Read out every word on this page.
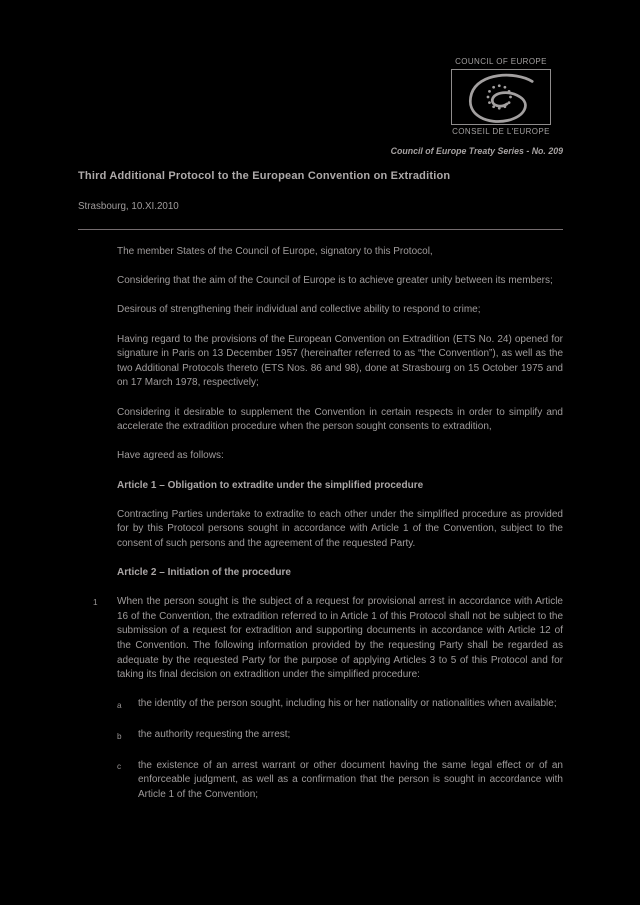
COUNCIL OF EUROPE
CONSEIL DE L'EUROPE
Council of Europe Treaty Series - No. 209
Third Additional Protocol to the European Convention on Extradition
Strasbourg, 10.XI.2010

The member States of the Council of Europe, signatory to this Protocol,

Considering that the aim of the Council of Europe is to achieve greater unity between its members;

Desirous of strengthening their individual and collective ability to respond to crime;

Having regard to the provisions of the European Convention on Extradition (ETS No. 24) opened for signature in Paris on 13 December 1957 (hereinafter referred to as “the Convention”), as well as the two Additional Protocols thereto (ETS Nos. 86 and 98), done at Strasbourg on 15 October 1975 and on 17 March 1978, respectively;

Considering it desirable to supplement the Convention in certain respects in order to simplify and accelerate the extradition procedure when the person sought consents to extradition,

Have agreed as follows:

Article 1 – Obligation to extradite under the simplified procedure

Contracting Parties undertake to extradite to each other under the simplified procedure as provided for by this Protocol persons sought in accordance with Article 1 of the Convention, subject to the consent of such persons and the agreement of the requested Party.

Article 2 – Initiation of the procedure
1 When the person sought is the subject of a request for provisional arrest in accordance with Article 16 of the Convention, the extradition referred to in Article 1 of this Protocol shall not be subject to the submission of a request for extradition and supporting documents in accordance with Article 12 of the Convention. The following information provided by the requesting Party shall be regarded as adequate by the requested Party for the purpose of applying Articles 3 to 5 of this Protocol and for taking its final decision on extradition under the simplified procedure:

a	the identity of the person sought, including his or her nationality or nationalities when available;

b	the authority requesting the arrest;

c	the existence of an arrest warrant or other document having the same legal effect or of an enforceable judgment, as well as a confirmation that the person is sought in accordance with Article 1 of the Convention;
